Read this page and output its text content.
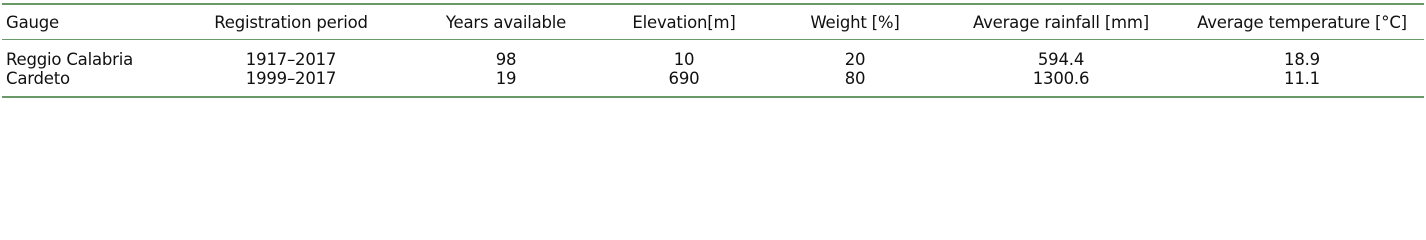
Gauge	Registration period	Years available	Elevation[m]	Weight [%]	Average rainfall [mm]	Average temperature [°C]
Reggio Calabria	1917–2017	98	10	20	594.4	18.9
Cardeto	1999–2017	19	690	80	1300.6	11.1
